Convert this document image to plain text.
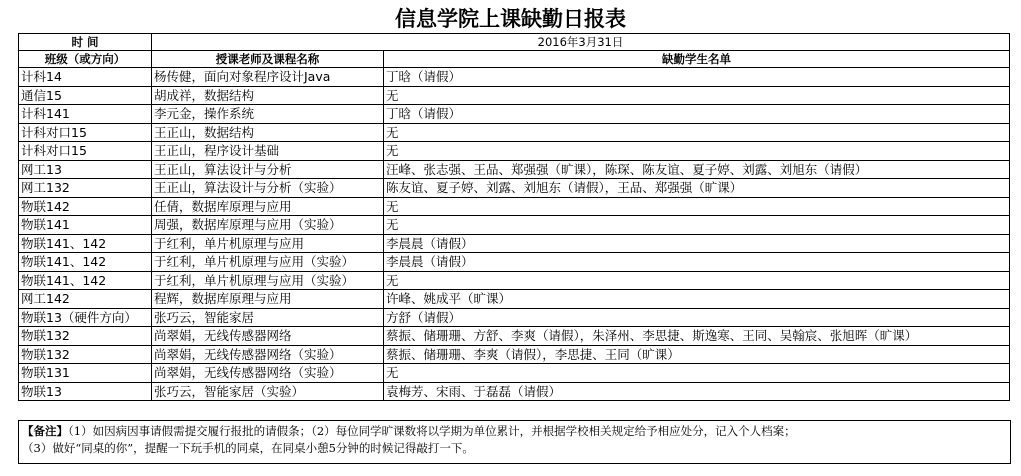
信息学院上课缺勤日报表
时 间	2016年3月31日	
班级（或方向）	授课老师及课程名称	缺勤学生名单
计科14	杨传健，面向对象程序设计Java	丁晗（请假）
通信15	胡成祥，数据结构	无
计科141	李元金，操作系统	丁晗（请假）
计科对口15	王正山，数据结构	无
计科对口15	王正山，程序设计基础	无
网工13	王正山，算法设计与分析	汪峰、张志强、王品、郑强强（旷课），陈琛、陈友谊、夏子婷、刘露、刘旭东（请假）
网工132	王正山，算法设计与分析（实验）	陈友谊、夏子婷、刘露、刘旭东（请假），王品、郑强强（旷课）
物联142	任倩，数据库原理与应用	无
物联141	周强，数据库原理与应用（实验）	无
物联141、142	于红利，单片机原理与应用	李晨晨（请假）
物联141、142	于红利，单片机原理与应用（实验）	李晨晨（请假）
物联141、142	于红利，单片机原理与应用（实验）	无
网工142	程辉，数据库原理与应用	许峰、姚成平（旷课）
物联13（硬件方向）	张巧云，智能家居	方舒（请假）
物联132	尚翠娟，无线传感器网络	蔡振、储珊珊、方舒、李爽（请假），朱泽州、李思捷、斯逸寒、王同、吴翰宸、张旭晖（旷课）
物联132	尚翠娟，无线传感器网络（实验）	蔡振、储珊珊、李爽（请假），李思捷、王同（旷课）
物联131	尚翠娟，无线传感器网络（实验）	无
物联13	张巧云，智能家居（实验）	袁梅芳、宋雨、于磊磊（请假）
【备注】（1）如因病因事请假需提交履行报批的请假条；（2）每位同学旷课数将以学期为单位累计，并根据学校相关规定给予相应处分，记入个人档案；
（3）做好“同桌的你”，提醒一下玩手机的同桌，在同桌小憩5分钟的时候记得敲打一下。
